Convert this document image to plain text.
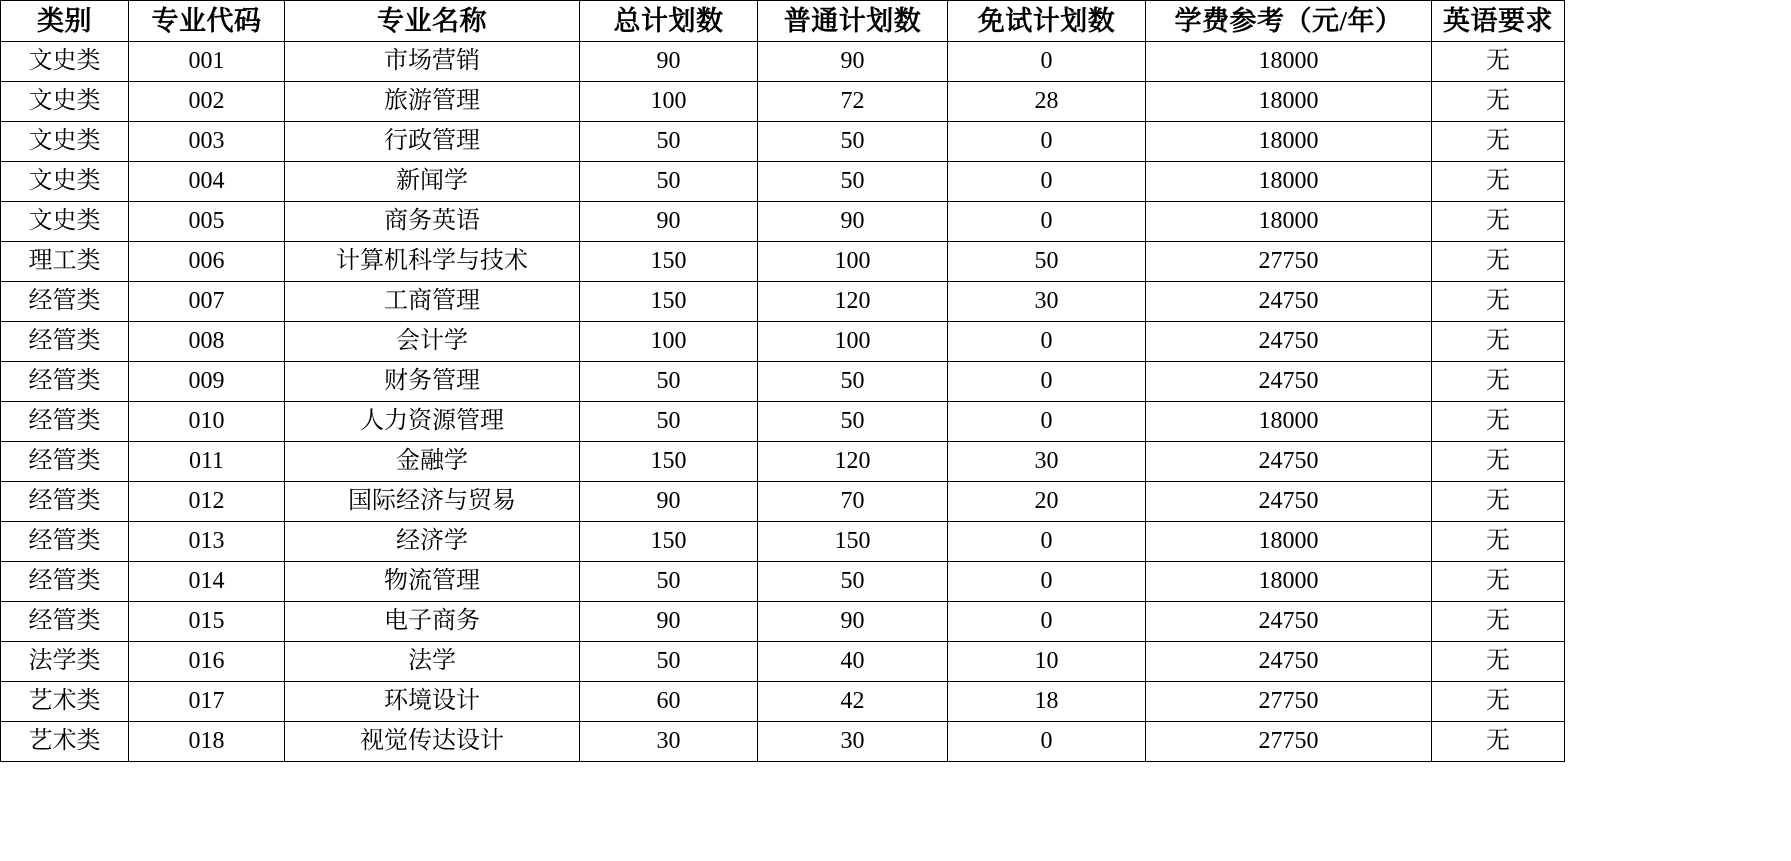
类别	专业代码	专业名称	总计划数	普通计划数	免试计划数	学费参考（元/年）	英语要求
文史类	001	市场营销	90	90	0	18000	无
文史类	002	旅游管理	100	72	28	18000	无
文史类	003	行政管理	50	50	0	18000	无
文史类	004	新闻学	50	50	0	18000	无
文史类	005	商务英语	90	90	0	18000	无
理工类	006	计算机科学与技术	150	100	50	27750	无
经管类	007	工商管理	150	120	30	24750	无
经管类	008	会计学	100	100	0	24750	无
经管类	009	财务管理	50	50	0	24750	无
经管类	010	人力资源管理	50	50	0	18000	无
经管类	011	金融学	150	120	30	24750	无
经管类	012	国际经济与贸易	90	70	20	24750	无
经管类	013	经济学	150	150	0	18000	无
经管类	014	物流管理	50	50	0	18000	无
经管类	015	电子商务	90	90	0	24750	无
法学类	016	法学	50	40	10	24750	无
艺术类	017	环境设计	60	42	18	27750	无
艺术类	018	视觉传达设计	30	30	0	27750	无
